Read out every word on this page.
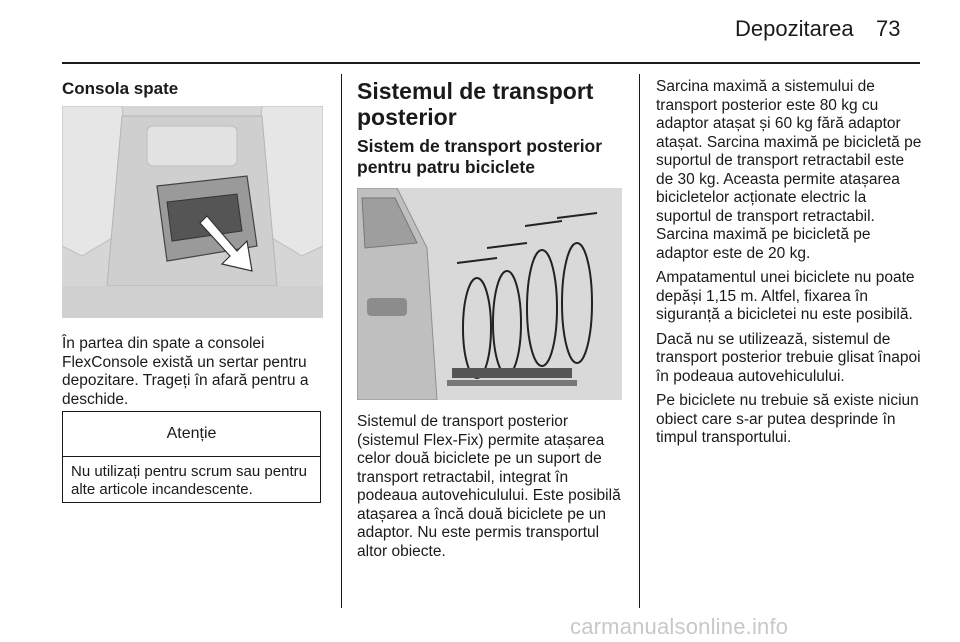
Depozitarea 73
Consola spate

În partea din spate a consolei FlexConsole există un sertar pentru depozitare. Trageți în afară pentru a deschide.

Atenție
Nu utilizați pentru scrum sau pentru alte articole incandescente.
Sistemul de transport posterior
Sistem de transport posterior pentru patru biciclete

Sistemul de transport posterior (sistemul Flex-Fix) permite atașarea celor două biciclete pe un suport de transport retractabil, integrat în podeaua autovehiculului. Este posibilă atașarea a încă două biciclete pe un adaptor. Nu este permis transportul altor obiecte.

Sarcina maximă a sistemului de transport posterior este 80 kg cu adaptor atașat și 60 kg fără adaptor atașat. Sarcina maximă pe bicicletă pe suportul de transport retractabil este de 30 kg. Aceasta permite atașarea bicicletelor acționate electric la suportul de transport retractabil. Sarcina maximă pe bicicletă pe adaptor este de 20 kg.

Ampatamentul unei biciclete nu poate depăși 1,15 m. Altfel, fixarea în siguranță a bicicletei nu este posibilă.

Dacă nu se utilizează, sistemul de transport posterior trebuie glisat înapoi în podeaua autovehiculului.

Pe biciclete nu trebuie să existe niciun obiect care s-ar putea desprinde în timpul transportului.

carmanualsonline.info
